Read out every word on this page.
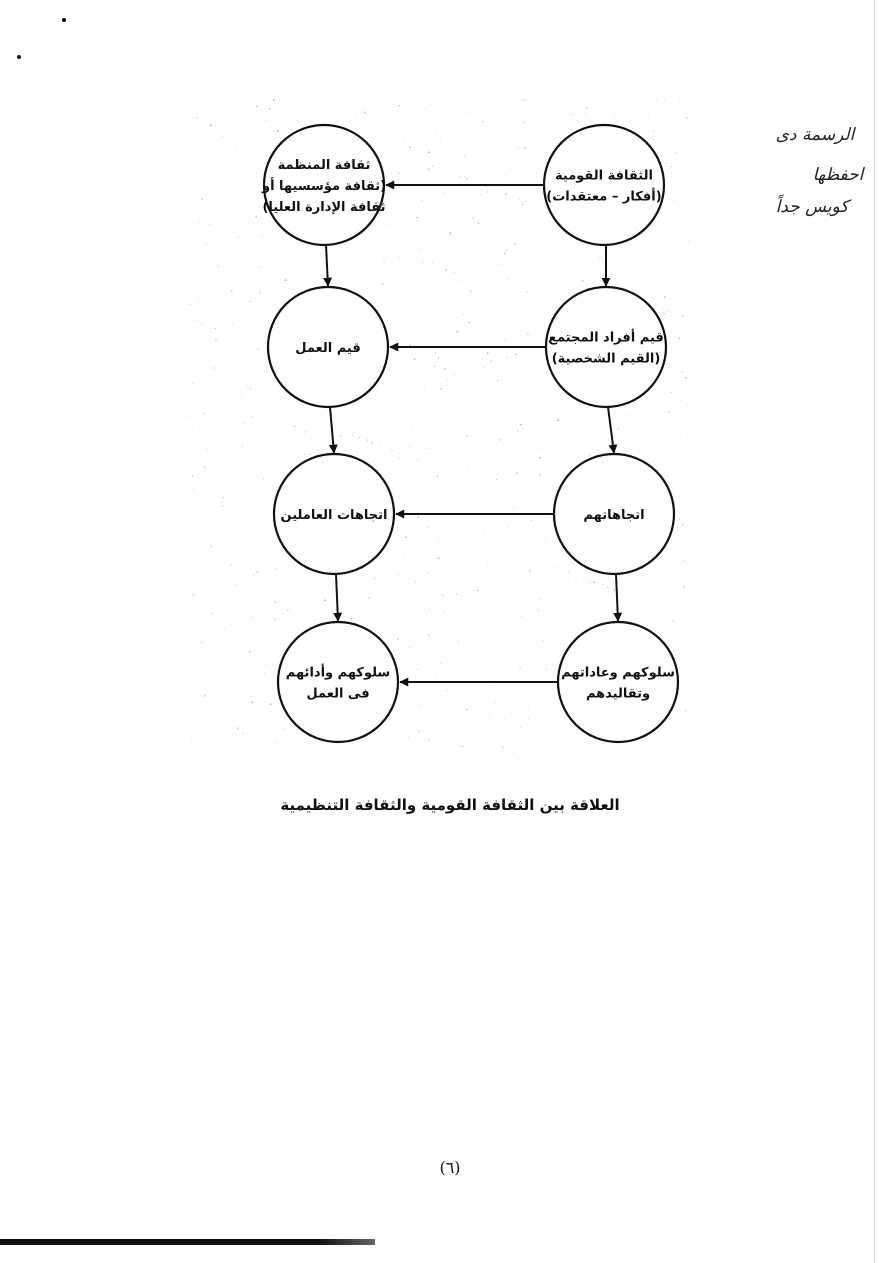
ثقافة المنظمة
(ثقافة مؤسسيها أو
ثقافة الإدارة العليا)
الثقافة القومية
(أفكار – معتقدات)
قيم العمل
قيم أفراد المجتمع
(القيم الشخصية)
اتجاهات العاملين	اتجاهاتهم
سلوكهم وأدائهم
فى العمل
سلوكهم وعاداتهم
وتقاليدهم
الرسمة دى
احفظها
كويس جداً
العلاقة بين الثقافة القومية والثقافة التنظيمية
(٦)
